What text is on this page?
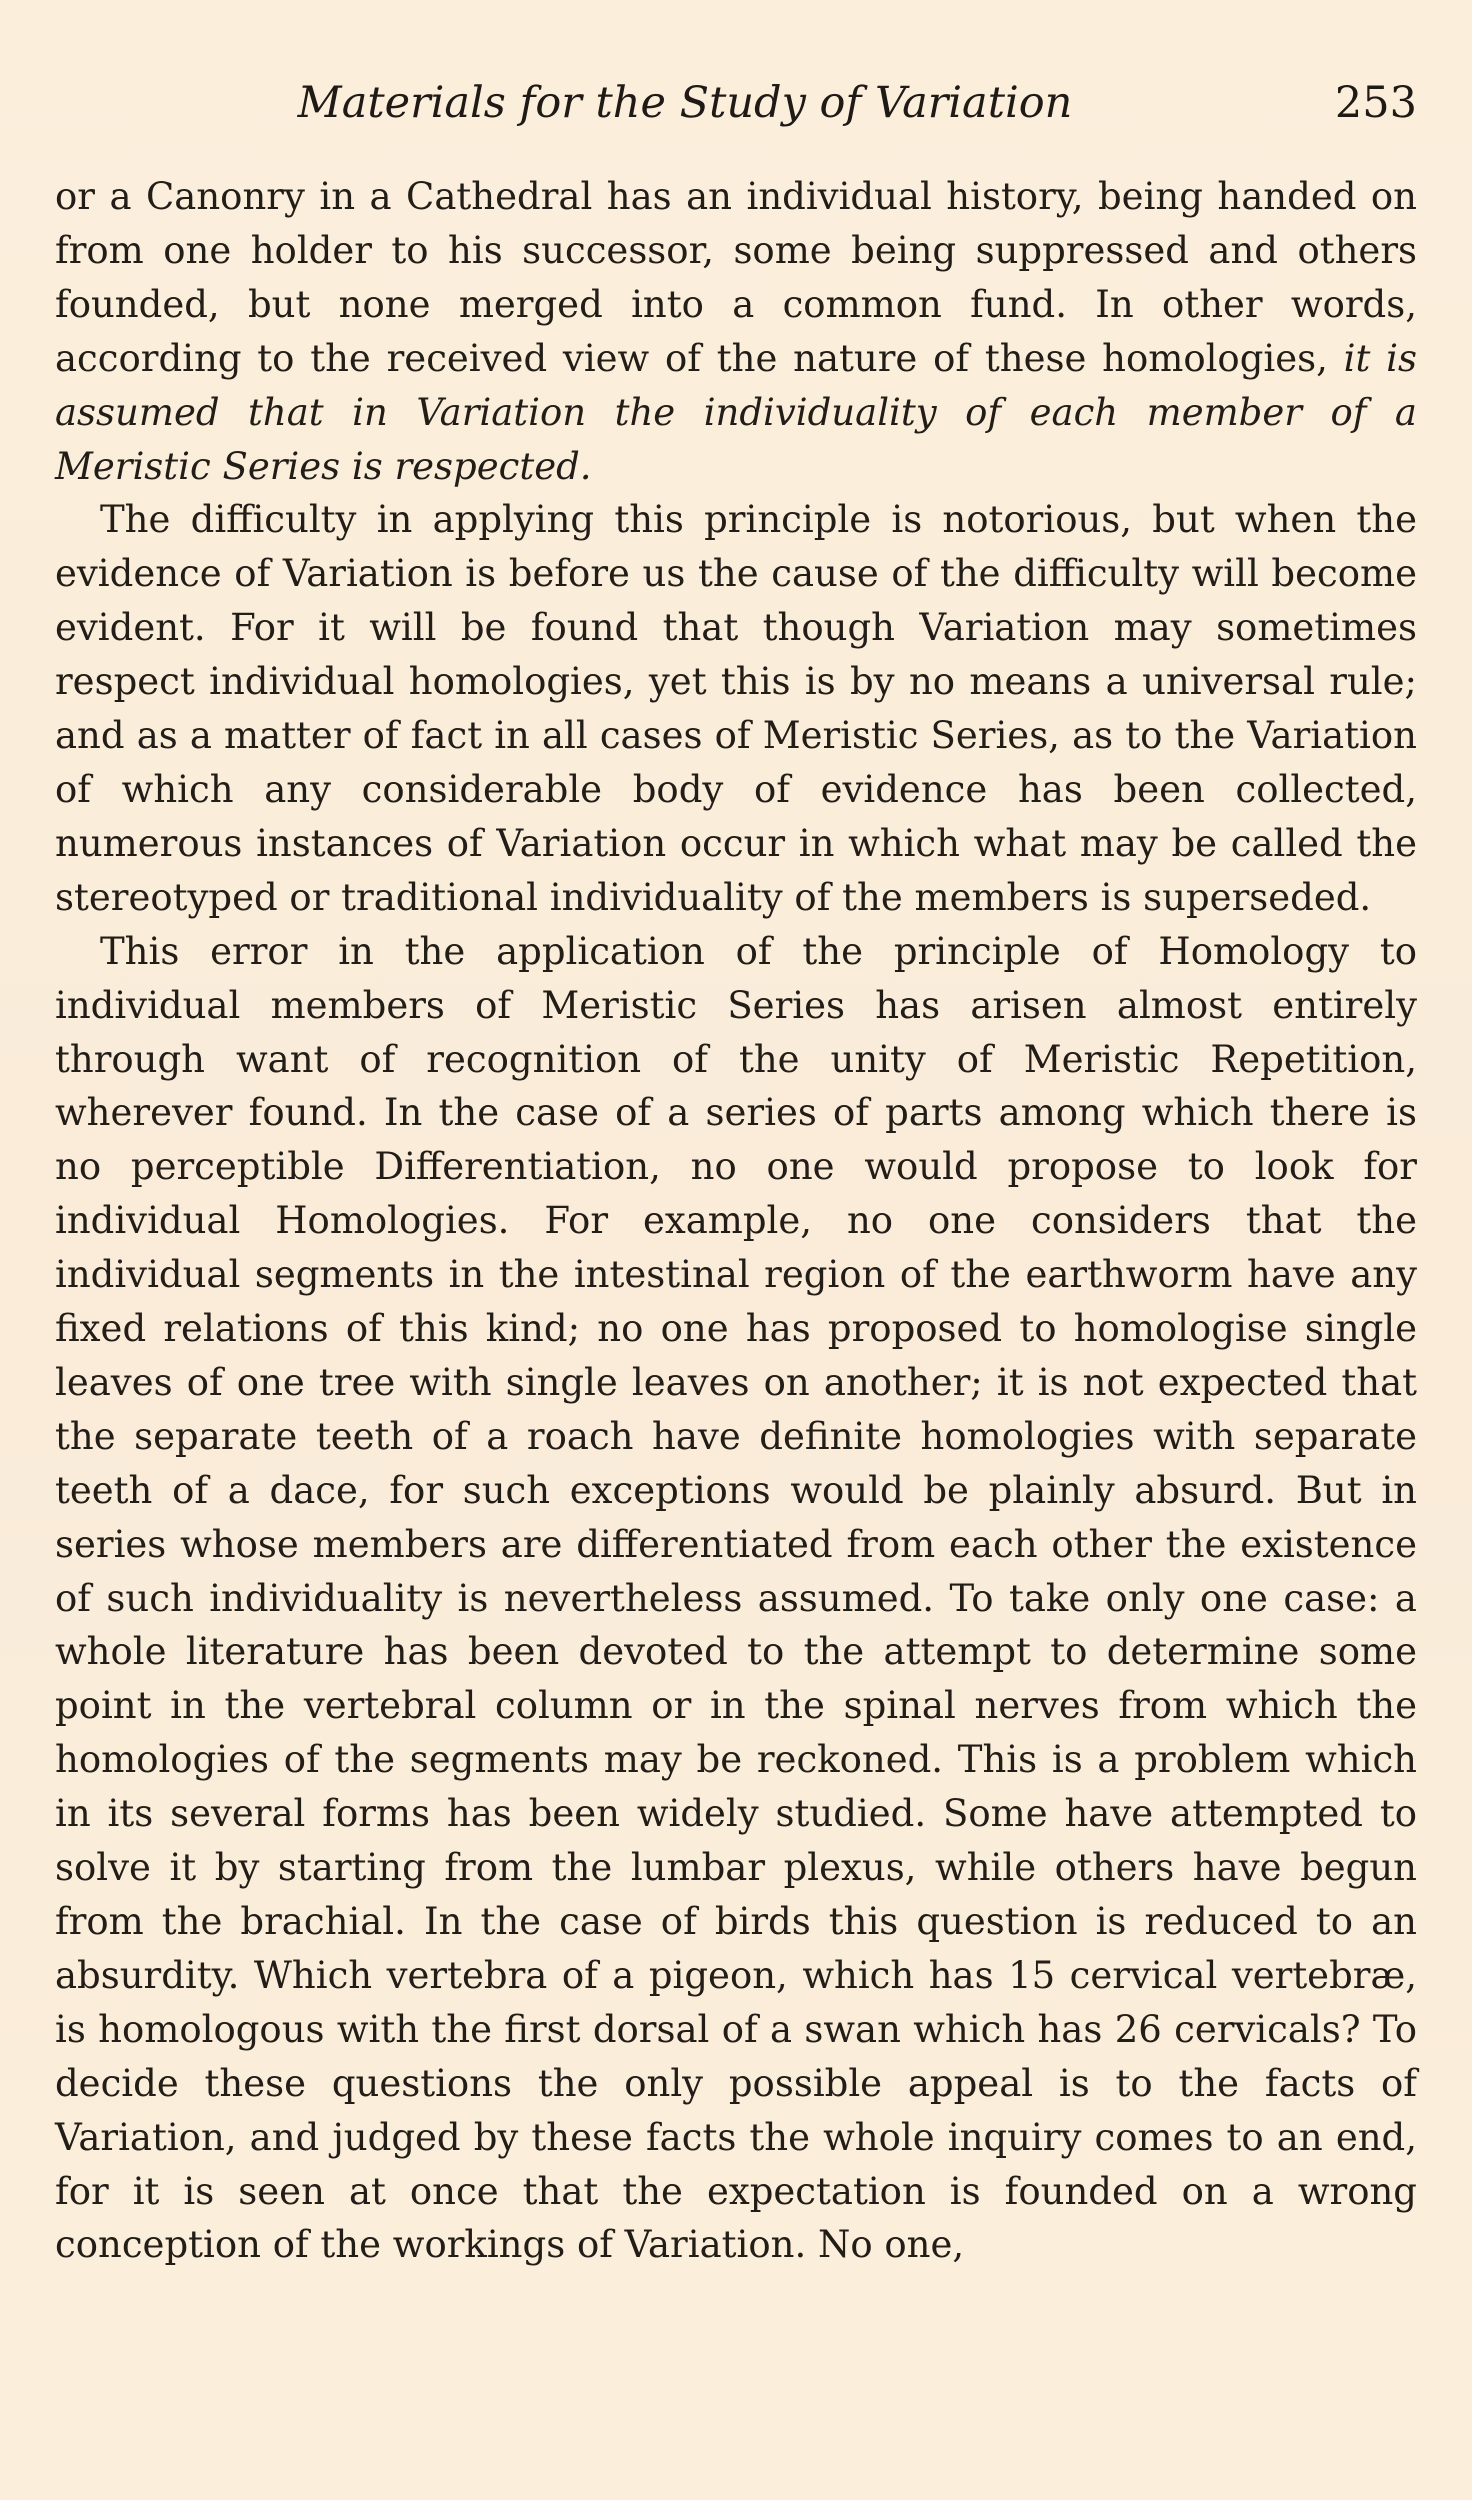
Materials for the Study of Variation	253

or a Canonry in a Cathedral has an individual history, being handed on from one holder to his successor, some being suppressed and others founded, but none merged into a common fund. In other words, according to the received view of the nature of these homologies, it is assumed that in Variation the individuality of each member of a Meristic Series is respected.

The difficulty in applying this principle is notorious, but when the evidence of Variation is before us the cause of the difficulty will become evident. For it will be found that though Variation may sometimes respect individual homologies, yet this is by no means a universal rule; and as a matter of fact in all cases of Meristic Series, as to the Variation of which any considerable body of evidence has been collected, numerous instances of Variation occur in which what may be called the stereotyped or traditional individuality of the members is superseded.

This error in the application of the principle of Homology to individual members of Meristic Series has arisen almost entirely through want of recognition of the unity of Meristic Repetition, wherever found. In the case of a series of parts among which there is no perceptible Differentiation, no one would propose to look for individual Homologies. For example, no one considers that the individual segments in the intestinal region of the earthworm have any fixed relations of this kind; no one has proposed to homologise single leaves of one tree with single leaves on another; it is not expected that the separate teeth of a roach have definite homologies with separate teeth of a dace, for such exceptions would be plainly absurd. But in series whose members are differentiated from each other the existence of such individuality is nevertheless assumed. To take only one case: a whole literature has been devoted to the attempt to determine some point in the vertebral column or in the spinal nerves from which the homologies of the segments may be reckoned. This is a problem which in its several forms has been widely studied. Some have attempted to solve it by starting from the lumbar plexus, while others have begun from the brachial. In the case of birds this question is reduced to an absurdity. Which vertebra of a pigeon, which has 15 cervical vertebræ, is homologous with the first dorsal of a swan which has 26 cervicals? To decide these questions the only possible appeal is to the facts of Variation, and judged by these facts the whole inquiry comes to an end, for it is seen at once that the expectation is founded on a wrong conception of the workings of Variation. No one,
